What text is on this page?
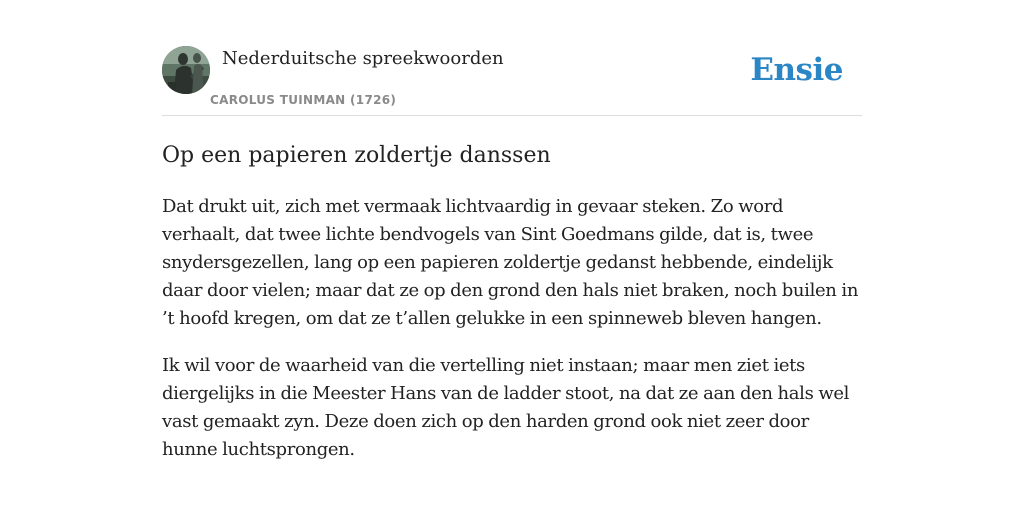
Nederduitsche spreekwoorden
CAROLUS TUINMAN (1726)
Ensie
Op een papieren zoldertje danssen

Dat drukt uit, zich met vermaak lichtvaardig in gevaar steken. Zo word verhaalt, dat twee lichte bendvogels van Sint Goedmans gilde, dat is, twee snydersgezellen, lang op een papieren zoldertje gedanst hebbende, eindelijk daar door vielen; maar dat ze op den grond den hals niet braken, noch builen in ’t hoofd kregen, om dat ze t’allen gelukke in een spinneweb bleven hangen.

Ik wil voor de waarheid van die vertelling niet instaan; maar men ziet iets diergelijks in die Meester Hans van de ladder stoot, na dat ze aan den hals wel vast gemaakt zyn. Deze doen zich op den harden grond ook niet zeer door hunne luchtsprongen.
